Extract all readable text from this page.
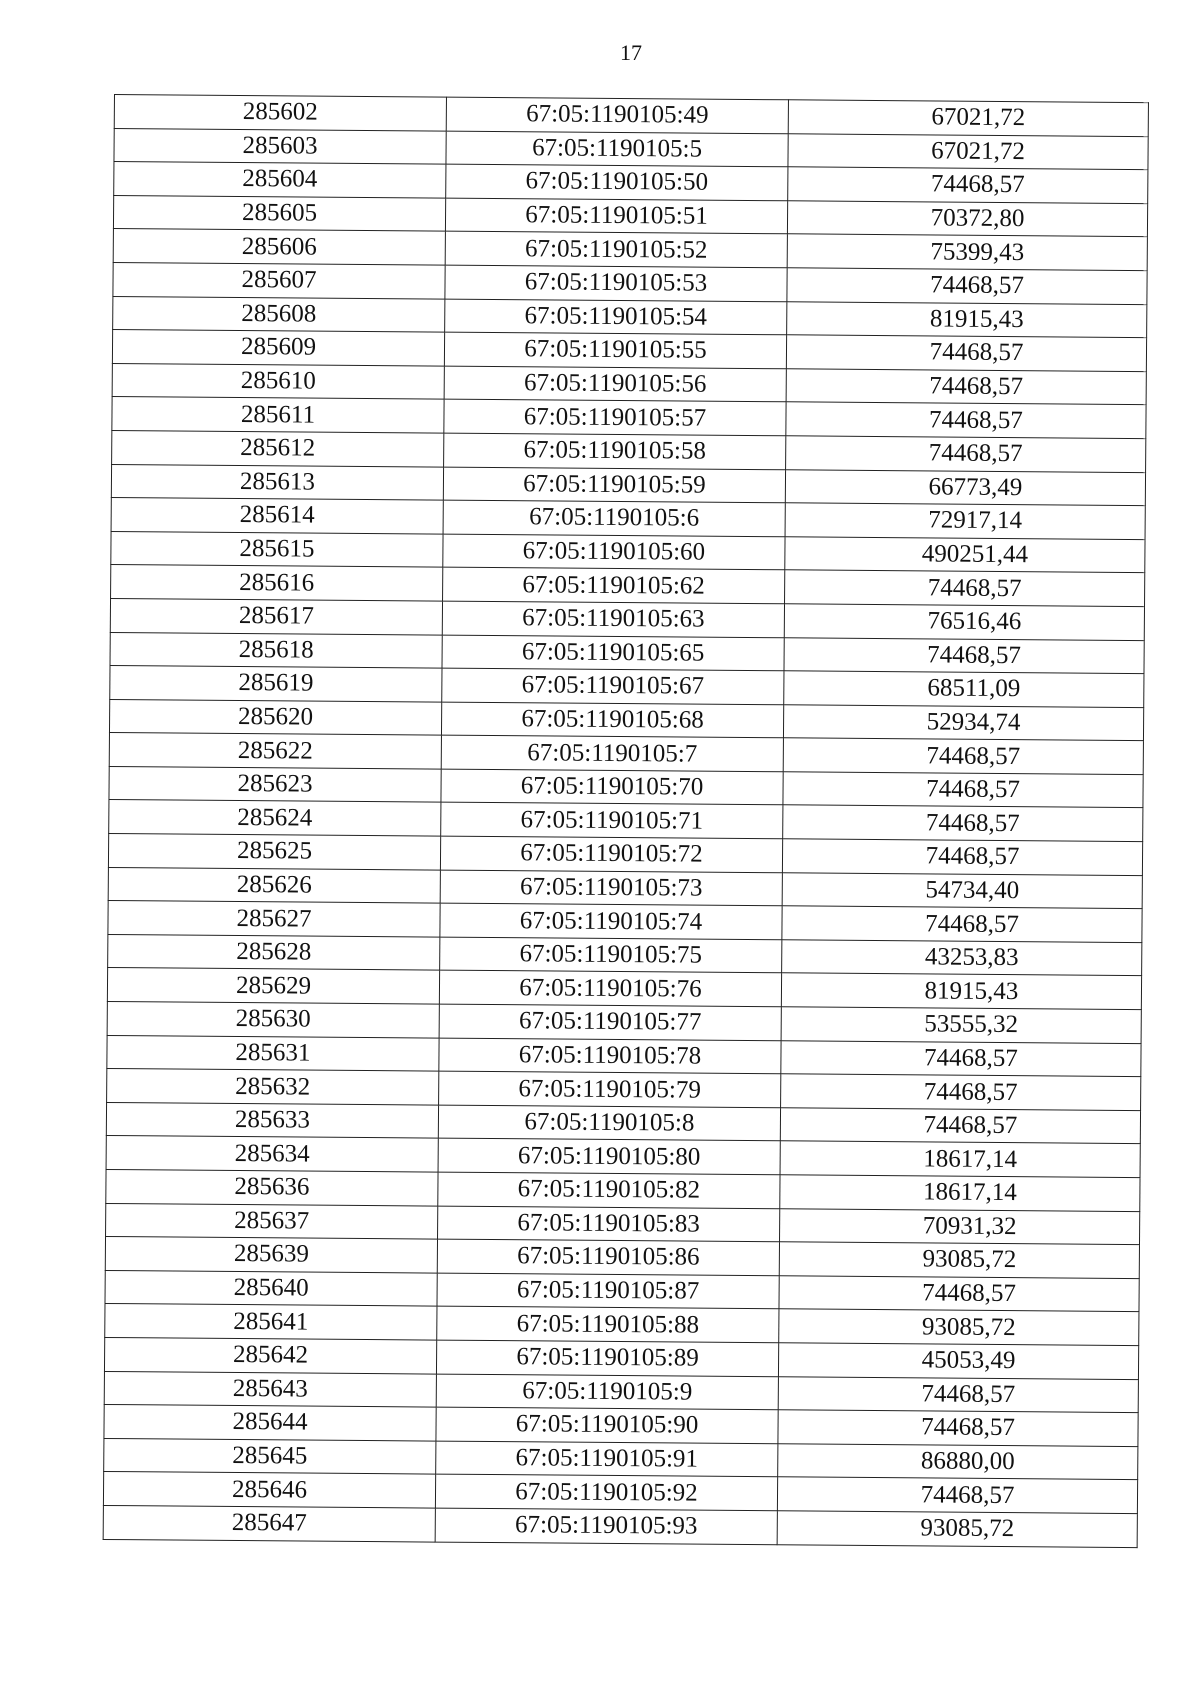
17
285602	67:05:1190105:49	67021,72
285603	67:05:1190105:5	67021,72
285604	67:05:1190105:50	74468,57
285605	67:05:1190105:51	70372,80
285606	67:05:1190105:52	75399,43
285607	67:05:1190105:53	74468,57
285608	67:05:1190105:54	81915,43
285609	67:05:1190105:55	74468,57
285610	67:05:1190105:56	74468,57
285611	67:05:1190105:57	74468,57
285612	67:05:1190105:58	74468,57
285613	67:05:1190105:59	66773,49
285614	67:05:1190105:6	72917,14
285615	67:05:1190105:60	490251,44
285616	67:05:1190105:62	74468,57
285617	67:05:1190105:63	76516,46
285618	67:05:1190105:65	74468,57
285619	67:05:1190105:67	68511,09
285620	67:05:1190105:68	52934,74
285622	67:05:1190105:7	74468,57
285623	67:05:1190105:70	74468,57
285624	67:05:1190105:71	74468,57
285625	67:05:1190105:72	74468,57
285626	67:05:1190105:73	54734,40
285627	67:05:1190105:74	74468,57
285628	67:05:1190105:75	43253,83
285629	67:05:1190105:76	81915,43
285630	67:05:1190105:77	53555,32
285631	67:05:1190105:78	74468,57
285632	67:05:1190105:79	74468,57
285633	67:05:1190105:8	74468,57
285634	67:05:1190105:80	18617,14
285636	67:05:1190105:82	18617,14
285637	67:05:1190105:83	70931,32
285639	67:05:1190105:86	93085,72
285640	67:05:1190105:87	74468,57
285641	67:05:1190105:88	93085,72
285642	67:05:1190105:89	45053,49
285643	67:05:1190105:9	74468,57
285644	67:05:1190105:90	74468,57
285645	67:05:1190105:91	86880,00
285646	67:05:1190105:92	74468,57
285647	67:05:1190105:93	93085,72
